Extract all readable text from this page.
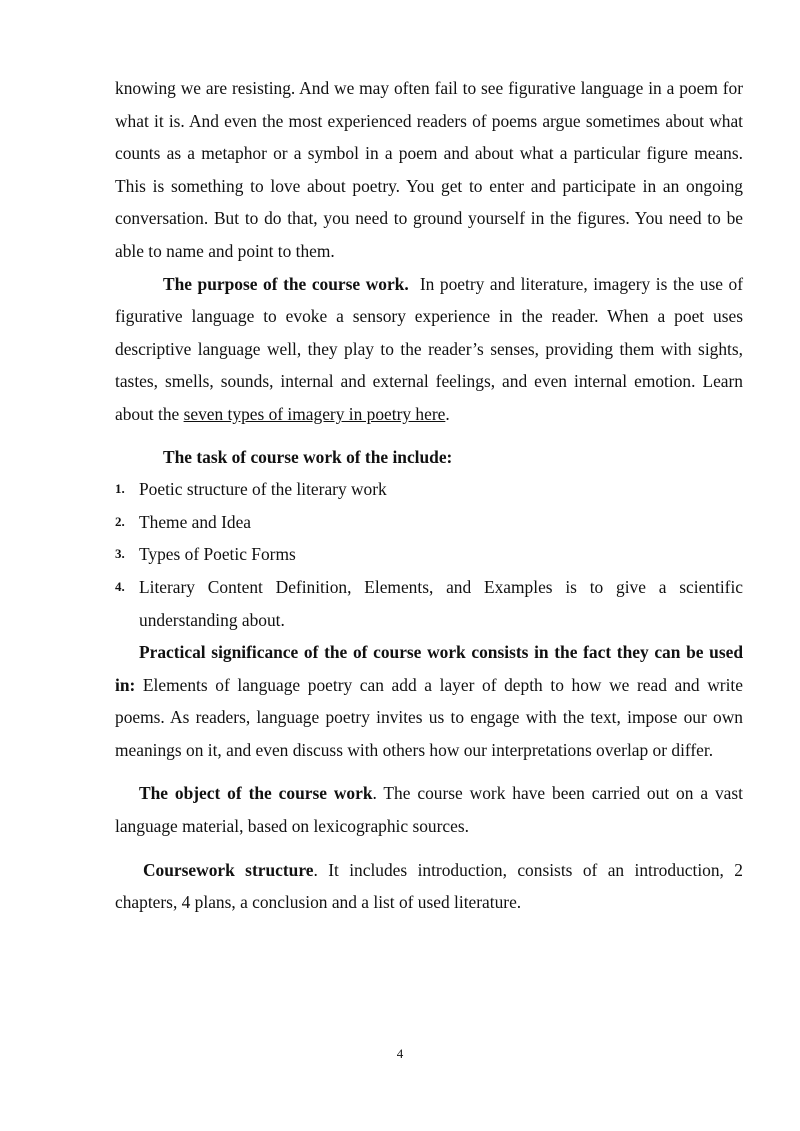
knowing we are resisting. And we may often fail to see figurative language in a poem for what it is. And even the most experienced readers of poems argue sometimes about what counts as a metaphor or a symbol in a poem and about what a particular figure means. This is something to love about poetry. You get to enter and participate in an ongoing conversation. But to do that, you need to ground yourself in the figures. You need to be able to name and point to them.

The purpose of the course work. In poetry and literature, imagery is the use of figurative language to evoke a sensory experience in the reader. When a poet uses descriptive language well, they play to the reader’s senses, providing them with sights, tastes, smells, sounds, internal and external feelings, and even internal emotion. Learn about the seven types of imagery in poetry here.

The task of course work of the include:

1. Poetic structure of the literary work
2. Theme and Idea
3. Types of Poetic Forms
4. Literary Content Definition, Elements, and Examples is to give a scientific understanding about.

Practical significance of the of course work consists in the fact they can be used in: Elements of language poetry can add a layer of depth to how we read and write poems. As readers, language poetry invites us to engage with the text, impose our own meanings on it, and even discuss with others how our interpretations overlap or differ.

The object of the course work. The course work have been carried out on a vast language material, based on lexicographic sources.

Coursework structure. It includes introduction, consists of an introduction, 2 chapters, 4 plans, a conclusion and a list of used literature.

4
